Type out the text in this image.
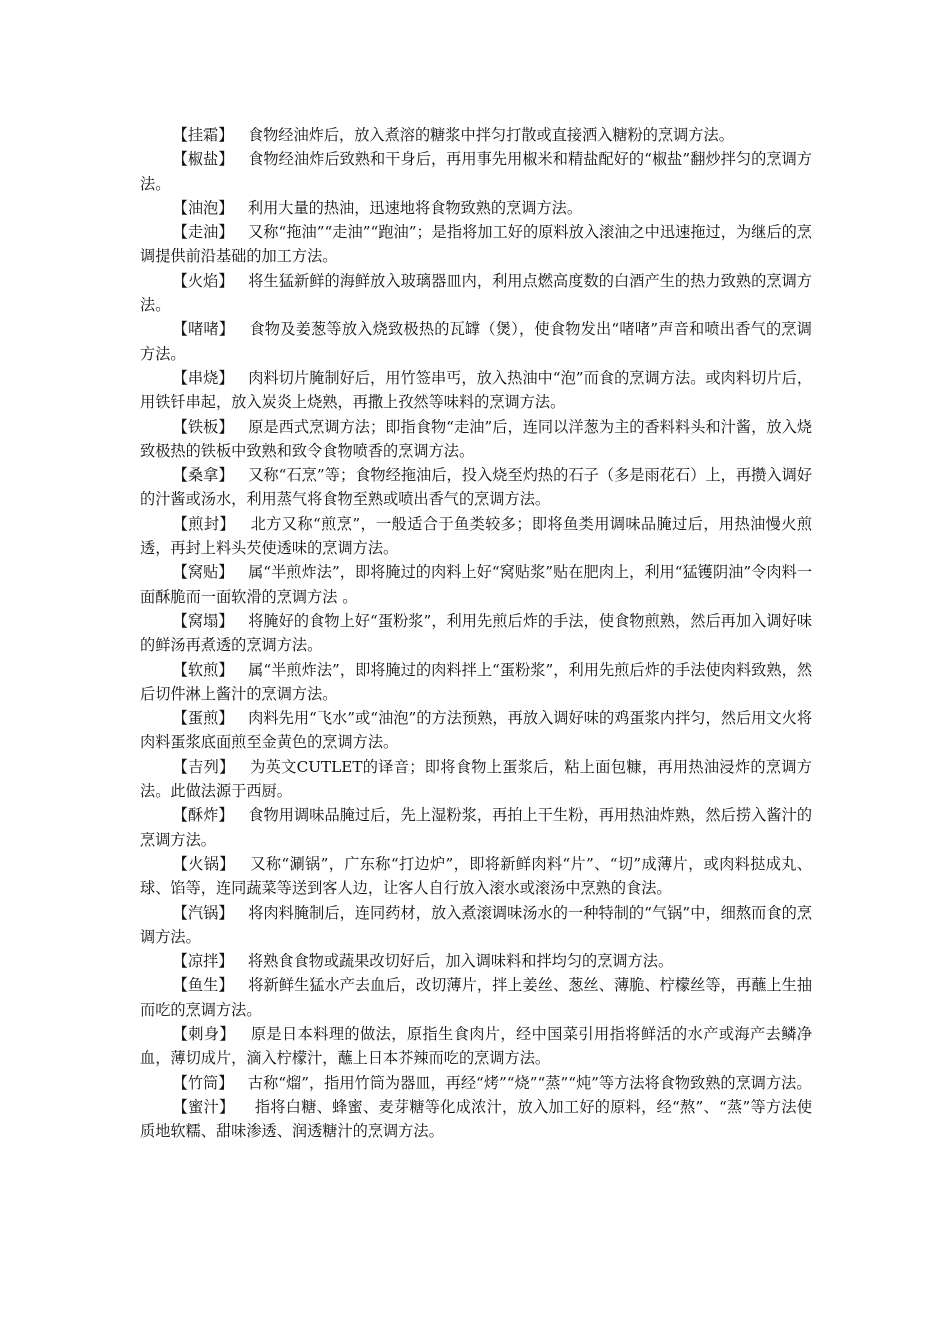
【挂霜】 食物经油炸后，放入煮溶的糖浆中拌匀打散或直接洒入糖粉的烹调方法。

【椒盐】 食物经油炸后致熟和干身后，再用事先用椒米和精盐配好的“椒盐”翻炒拌匀的烹调方法。

【油泡】 利用大量的热油，迅速地将食物致熟的烹调方法。

【走油】 又称“拖油”“走油”“跑油”；是指将加工好的原料放入滚油之中迅速拖过，为继后的烹调提供前沿基础的加工方法。

【火焰】 将生猛新鲜的海鲜放入玻璃器皿内，利用点燃高度数的白酒产生的热力致熟的烹调方法。

【啫啫】 食物及姜葱等放入烧致极热的瓦罉（煲），使食物发出“啫啫”声音和喷出香气的烹调方法。

【串烧】 肉料切片腌制好后，用竹签串丐，放入热油中“泡”而食的烹调方法。或肉料切片后，用铁钎串起，放入炭炎上烧熟，再撒上孜然等味料的烹调方法。

【铁板】 原是西式烹调方法；即指食物“走油”后，连同以洋葱为主的香料料头和汁酱，放入烧致极热的铁板中致熟和致令食物喷香的烹调方法。

【桑拿】 又称“石烹”等；食物经拖油后，投入烧至灼热的石子（多是雨花石）上，再攒入调好的汁酱或汤水，利用蒸气将食物至熟或喷出香气的烹调方法。

【煎封】 北方又称“煎烹”，一般适合于鱼类较多；即将鱼类用调味品腌过后，用热油慢火煎透，再封上料头芡使透味的烹调方法。

【窝贴】 属“半煎炸法”，即将腌过的肉料上好“窝贴浆”贴在肥肉上，利用“猛镬阴油”令肉料一面酥脆而一面软滑的烹调方法 。

【窝塌】 将腌好的食物上好“蛋粉浆”，利用先煎后炸的手法，使食物煎熟，然后再加入调好味的鲜汤再煮透的烹调方法。

【软煎】 属“半煎炸法”，即将腌过的肉料拌上“蛋粉浆”，利用先煎后炸的手法使肉料致熟，然后切件淋上酱汁的烹调方法。

【蛋煎】 肉料先用“飞水”或“油泡”的方法预熟，再放入调好味的鸡蛋浆内拌匀，然后用文火将肉料蛋浆底面煎至金黄色的烹调方法。

【吉列】 为英文CUTLET的译音；即将食物上蛋浆后，粘上面包糠，再用热油浸炸的烹调方法。此做法源于西厨。

【酥炸】 食物用调味品腌过后，先上湿粉浆，再拍上干生粉，再用热油炸熟，然后捞入酱汁的烹调方法。

【火锅】 又称“涮锅”，广东称“打边炉”，即将新鲜肉料“片”、“切”成薄片，或肉料挞成丸、球、馅等，连同蔬菜等送到客人边，让客人自行放入滚水或滚汤中烹熟的食法。

【汽锅】 将肉料腌制后，连同药材，放入煮滚调味汤水的一种特制的“气锅”中，细熬而食的烹调方法。

【凉拌】 将熟食食物或蔬果改切好后，加入调味料和拌均匀的烹调方法。

【鱼生】 将新鲜生猛水产去血后，改切薄片，拌上姜丝、葱丝、薄脆、柠檬丝等，再蘸上生抽而吃的烹调方法。

【刺身】 原是日本料理的做法，原指生食肉片，经中国菜引用指将鲜活的水产或海产去鳞净血，薄切成片，滴入柠檬汁，蘸上日本芥辣而吃的烹调方法。

【竹筒】 古称“熘”，指用竹筒为器皿，再经“烤”“烧”“蒸”“炖”等方法将食物致熟的烹调方法。

【蜜汁】    指将白糖、蜂蜜、麦芽糖等化成浓汁，放入加工好的原料，经“熬”、“蒸”等方法使质地软糯、甜味渗透、润透糖汁的烹调方法。
